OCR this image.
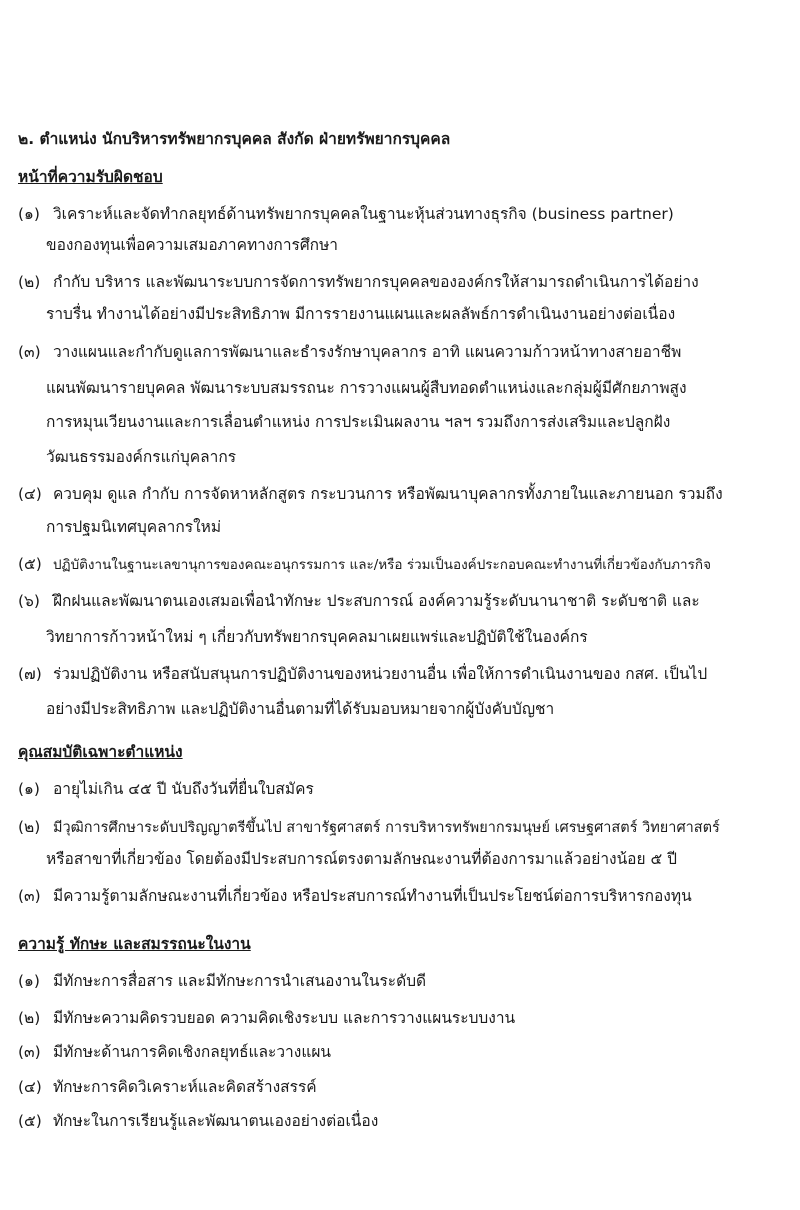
๒. ตำแหน่ง นักบริหารทรัพยากรบุคคล สังกัด ฝ่ายทรัพยากรบุคคล
หน้าที่ความรับผิดชอบ
(๑) วิเคราะห์และจัดทำกลยุทธ์ด้านทรัพยากรบุคคลในฐานะหุ้นส่วนทางธุรกิจ (business partner)
ของกองทุนเพื่อความเสมอภาคทางการศึกษา
(๒) กำกับ บริหาร และพัฒนาระบบการจัดการทรัพยากรบุคคลขององค์กรให้สามารถดำเนินการได้อย่าง
ราบรื่น ทำงานได้อย่างมีประสิทธิภาพ มีการรายงานแผนและผลลัพธ์การดำเนินงานอย่างต่อเนื่อง
(๓) วางแผนและกำกับดูแลการพัฒนาและธำรงรักษาบุคลากร อาทิ แผนความก้าวหน้าทางสายอาชีพ
แผนพัฒนารายบุคคล พัฒนาระบบสมรรถนะ การวางแผนผู้สืบทอดตำแหน่งและกลุ่มผู้มีศักยภาพสูง
การหมุนเวียนงานและการเลื่อนตำแหน่ง การประเมินผลงาน ฯลฯ รวมถึงการส่งเสริมและปลูกฝัง
วัฒนธรรมองค์กรแก่บุคลากร
(๔) ควบคุม ดูแล กำกับ การจัดหาหลักสูตร กระบวนการ หรือพัฒนาบุคลากรทั้งภายในและภายนอก รวมถึง
การปฐมนิเทศบุคลากรใหม่
(๕) ปฏิบัติงานในฐานะเลขานุการของคณะอนุกรรมการ และ/หรือ ร่วมเป็นองค์ประกอบคณะทำงานที่เกี่ยวข้องกับภารกิจ
(๖) ฝึกฝนและพัฒนาตนเองเสมอเพื่อนำทักษะ ประสบการณ์ องค์ความรู้ระดับนานาชาติ ระดับชาติ และ
วิทยาการก้าวหน้าใหม่ ๆ เกี่ยวกับทรัพยากรบุคคลมาเผยแพร่และปฏิบัติใช้ในองค์กร
(๗) ร่วมปฏิบัติงาน หรือสนับสนุนการปฏิบัติงานของหน่วยงานอื่น เพื่อให้การดำเนินงานของ กสศ. เป็นไป
อย่างมีประสิทธิภาพ และปฏิบัติงานอื่นตามที่ได้รับมอบหมายจากผู้บังคับบัญชา
คุณสมบัติเฉพาะตำแหน่ง
(๑) อายุไม่เกิน ๔๕ ปี นับถึงวันที่ยื่นใบสมัคร
(๒) มีวุฒิการศึกษาระดับปริญญาตรีขึ้นไป สาขารัฐศาสตร์ การบริหารทรัพยากรมนุษย์ เศรษฐศาสตร์ วิทยาศาสตร์
หรือสาขาที่เกี่ยวข้อง โดยต้องมีประสบการณ์ตรงตามลักษณะงานที่ต้องการมาแล้วอย่างน้อย ๕ ปี
(๓) มีความรู้ตามลักษณะงานที่เกี่ยวข้อง หรือประสบการณ์ทำงานที่เป็นประโยชน์ต่อการบริหารกองทุน
ความรู้ ทักษะ และสมรรถนะในงาน
(๑) มีทักษะการสื่อสาร และมีทักษะการนำเสนองานในระดับดี
(๒) มีทักษะความคิดรวบยอด ความคิดเชิงระบบ และการวางแผนระบบงาน
(๓) มีทักษะด้านการคิดเชิงกลยุทธ์และวางแผน
(๔) ทักษะการคิดวิเคราะห์และคิดสร้างสรรค์
(๕) ทักษะในการเรียนรู้และพัฒนาตนเองอย่างต่อเนื่อง
